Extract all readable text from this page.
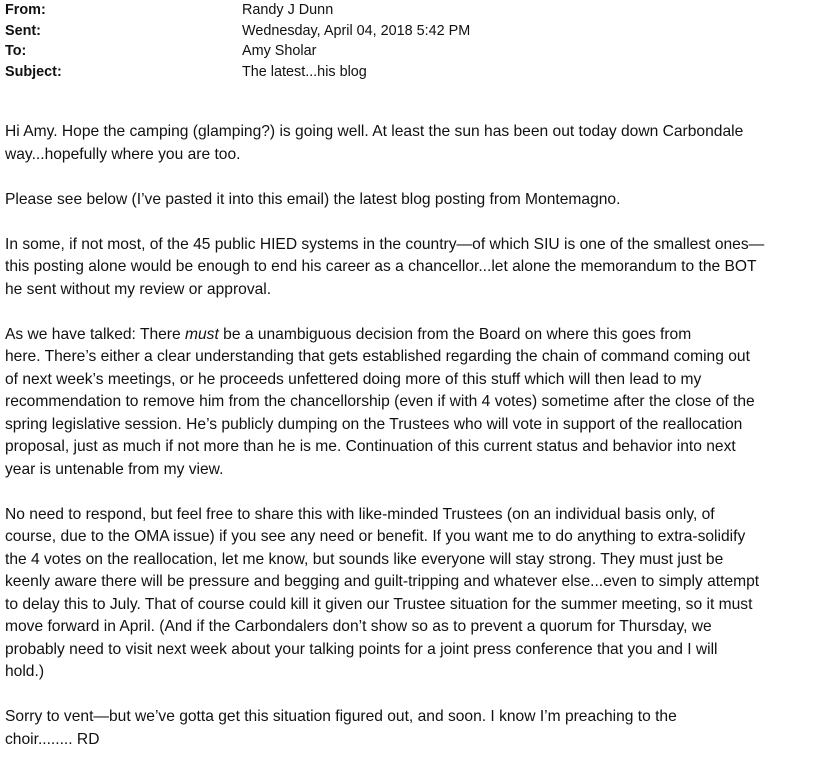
From:	Randy J Dunn
Sent:	Wednesday, April 04, 2018 5:42 PM
To:	Amy Sholar
Subject:	The latest...his blog
Hi Amy. Hope the camping (glamping?) is going well. At least the sun has been out today down Carbondale
way...hopefully where you are too.
Please see below (I’ve pasted it into this email) the latest blog posting from Montemagno.
In some, if not most, of the 45 public HIED systems in the country—of which SIU is one of the smallest ones—
this posting alone would be enough to end his career as a chancellor...let alone the memorandum to the BOT
he sent without my review or approval.
As we have talked: There must be a unambiguous decision from the Board on where this goes from
here. There’s either a clear understanding that gets established regarding the chain of command coming out
of next week’s meetings, or he proceeds unfettered doing more of this stuff which will then lead to my
recommendation to remove him from the chancellorship (even if with 4 votes) sometime after the close of the
spring legislative session. He’s publicly dumping on the Trustees who will vote in support of the reallocation
proposal, just as much if not more than he is me. Continuation of this current status and behavior into next
year is untenable from my view.
No need to respond, but feel free to share this with like-minded Trustees (on an individual basis only, of
course, due to the OMA issue) if you see any need or benefit. If you want me to do anything to extra-solidify
the 4 votes on the reallocation, let me know, but sounds like everyone will stay strong. They must just be
keenly aware there will be pressure and begging and guilt-tripping and whatever else...even to simply attempt
to delay this to July. That of course could kill it given our Trustee situation for the summer meeting, so it must
move forward in April. (And if the Carbondalers don’t show so as to prevent a quorum for Thursday, we
probably need to visit next week about your talking points for a joint press conference that you and I will
hold.)
Sorry to vent—but we’ve gotta get this situation figured out, and soon. I know I’m preaching to the
choir........ RD
